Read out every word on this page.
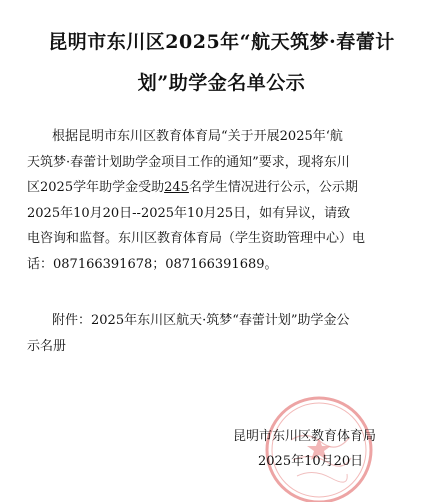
昆明市东川区2025年“航天筑梦·春蕾计
划”助学金名单公示
根据昆明市东川区教育体育局“关于开展2025年‘航
天筑梦·春蕾计划助学金项目工作的通知”要求，现将东川
区2025学年助学金受助245名学生情况进行公示，公示期
2025年10月20日--2025年10月25日，如有异议，请致
电咨询和监督。东川区教育体育局（学生资助管理中心）电
话：087166391678；087166391689。
附件：2025年东川区航天·筑梦“春蕾计划”助学金公
示名册
昆明市东川区教育体育局
2025年10月20日
